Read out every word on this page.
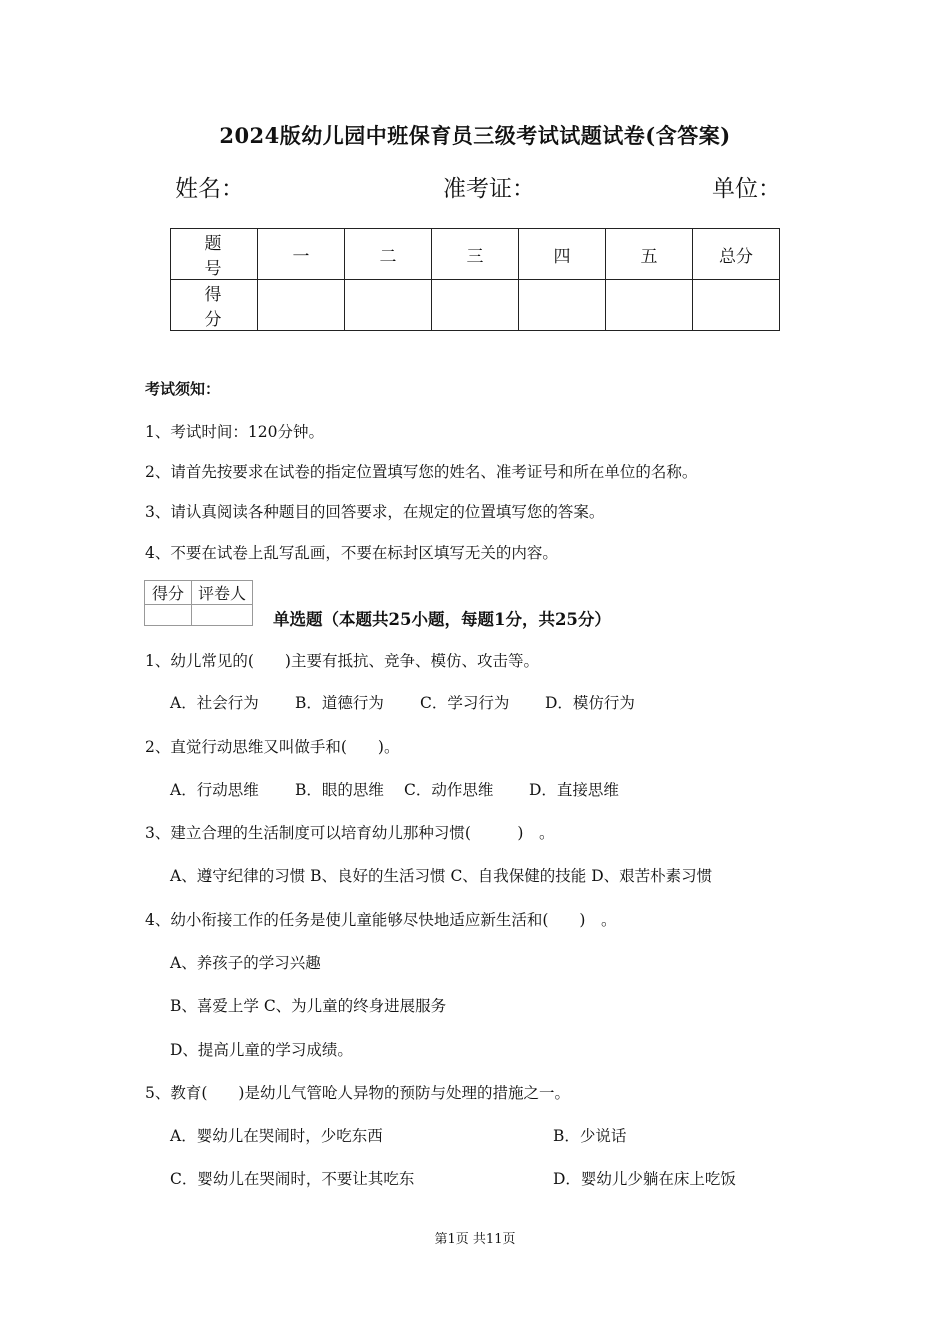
2024版幼儿园中班保育员三级考试试题试卷(含答案)
姓名：	准考证：	单位：
题　号	一	二	三	四	五	总分
得　分						
考试须知：
1、考试时间：120分钟。
2、请首先按要求在试卷的指定位置填写您的姓名、准考证号和所在单位的名称。
3、请认真阅读各种题目的回答要求，在规定的位置填写您的答案。
4、不要在试卷上乱写乱画，不要在标封区填写无关的内容。
得分	评卷人

单选题（本题共25小题，每题1分，共25分）
1、幼儿常见的(　　)主要有抵抗、竞争、模仿、攻击等。
A．社会行为 B．道德行为 C．学习行为 D．模仿行为
2、直觉行动思维又叫做手和(　　)。
A．行动思维 B．眼的思维 C．动作思维 D．直接思维
3、建立合理的生活制度可以培育幼儿那种习惯(　　　)　。
A、遵守纪律的习惯 B、良好的生活习惯 C、自我保健的技能 D、艰苦朴素习惯
4、幼小衔接工作的任务是使儿童能够尽快地适应新生活和(　　)　。
A、养孩子的学习兴趣
B、喜爱上学 C、为儿童的终身进展服务
D、提高儿童的学习成绩。
5、教育(　　)是幼儿气管呛人异物的预防与处理的措施之一。
A．婴幼儿在哭闹时，少吃东西	B．少说话
C．婴幼儿在哭闹时，不要让其吃东	D．婴幼儿少躺在床上吃饭
第1页 共11页
